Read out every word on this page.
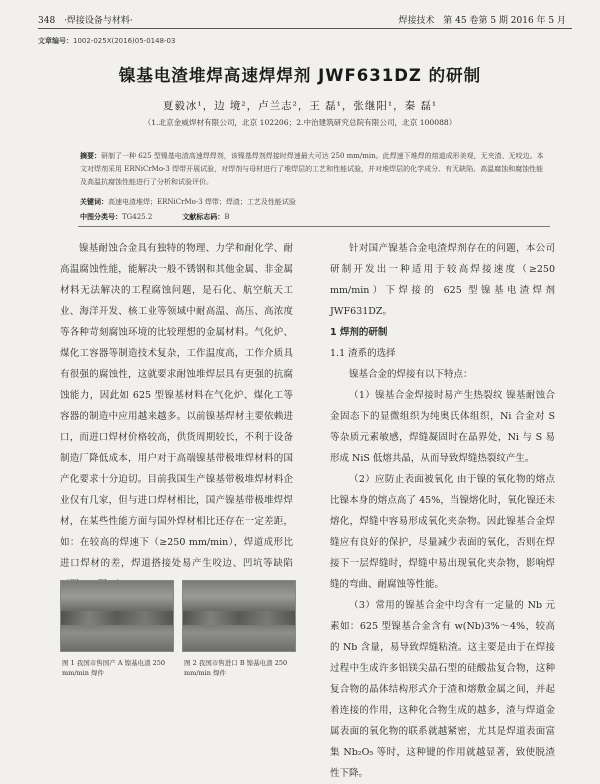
348 ·焊接设备与材料·	焊接技术 第 45 卷第 5 期 2016 年 5 月
文章编号：1002-025X(2016)05-0148-03
镍基电渣堆焊高速焊焊剂 JWF631DZ 的研制
夏毅冰¹，边 境²，卢兰志²，王 磊¹，张继阳¹，秦 磊¹
（1.北京金威焊材有限公司，北京 102206；2.中治建筑研究总院有限公司，北京 100088）

摘要：研制了一种 625 型镍基电渣高速焊焊剂，该镍基焊剂焊接时焊速最大可达 250 mm/min。此焊速下堆焊的熔道成形美观，无夹渣、无咬边。本文对焊剂采用 ERNiCrMo-3 焊带开展试验，对焊剂与母材进行了堆焊层的工艺和性能试验，并对堆焊层的化学成分、有无缺陷、高温腐蚀和腐蚀性能及高温抗腐蚀性能进行了分析和试验评价。

关键词：高速电渣堆焊；ERNiCrMo-3 焊带；焊渣；工艺及性能试验
中图分类号：TG425.2	文献标志码：B

镍基耐蚀合金具有独特的物理、力学和耐化学、耐高温腐蚀性能，能解决一般不锈钢和其他金属、非金属材料无法解决的工程腐蚀问题，是石化、航空航天工业、海洋开发、核工业等领域中耐高温、高压、高浓度等各种苛刻腐蚀环境的比较理想的金属材料。气化炉、煤化工容器等制造技术复杂，工作温度高，工作介质具有很强的腐蚀性，这就要求耐蚀堆焊层具有更强的抗腐蚀能力，因此如 625 型镍基材料在气化炉、煤化工等容器的制造中应用越来越多。以前镍基焊材主要依赖进口，而进口焊材价格较高，供货周期较长，不利于设备制造厂降低成本，用户对于高端镍基带极堆焊材料的国产化要求十分迫切。目前我国生产镍基带极堆焊材料企业仅有几家，但与进口焊材相比，国产镍基带极堆焊焊材，在某些性能方面与国外焊材相比还存在一定差距，如：在较高的焊速下（≥250 mm/min），焊道成形比进口焊材的差，焊道搭接处易产生咬边、凹坑等缺陷

图 1 我国市售国产 A 镍基电渣 250 mm/min 焊件
图 2 我国市售进口 B 镍基电渣 250 mm/min 焊件

针对国产镍基合金电渣焊剂存在的问题，本公司研制开发出一种适用于较高焊接速度（≥250 mm/min）下焊接的 625 型镍基电渣焊剂 JWF631DZ。

1 焊剂的研制

1.1 渣系的选择

镍基合金的焊接有以下特点：

（1）镍基合金焊接时易产生热裂纹 镍基耐蚀合金固态下的显微组织为纯奥氏体组织，Ni 合金对 S 等杂质元素敏感，焊缝凝固时在晶界处，Ni 与 S 易形成 NiS 低熔共晶，从而导致焊缝热裂纹产生。

（2）应防止表面被氧化 由于镍的氧化物的熔点比镍本身的熔点高了 45%，当镍熔化时，氧化镍还未熔化，焊缝中容易形成氧化夹杂物。因此镍基合金焊缝应有良好的保护，尽量减少表面的氧化，否则在焊接下一层焊缝时，焊缝中易出现氧化夹杂物，影响焊缝的弯曲、耐腐蚀等性能。

（3）常用的镍基合金中均含有一定量的 Nb 元素如：625 型镍基合金含有 w(Nb)3%～4%，较高的 Nb 含量，易导致焊缝粘渣。这主要是由于在焊接过程中生成许多铝镁尖晶石型的硅酸盐复合物，这种复合物的晶体结构形式介于渣和熔敷金属之间，并起着连接的作用，这种化合物生成的越多，渣与焊道金属表面的氧化物的联系就越紧密，尤其是焊道表面富集 Nb₂O₅ 等时，这种键的作用就越显著，致使脱渣性下降。
